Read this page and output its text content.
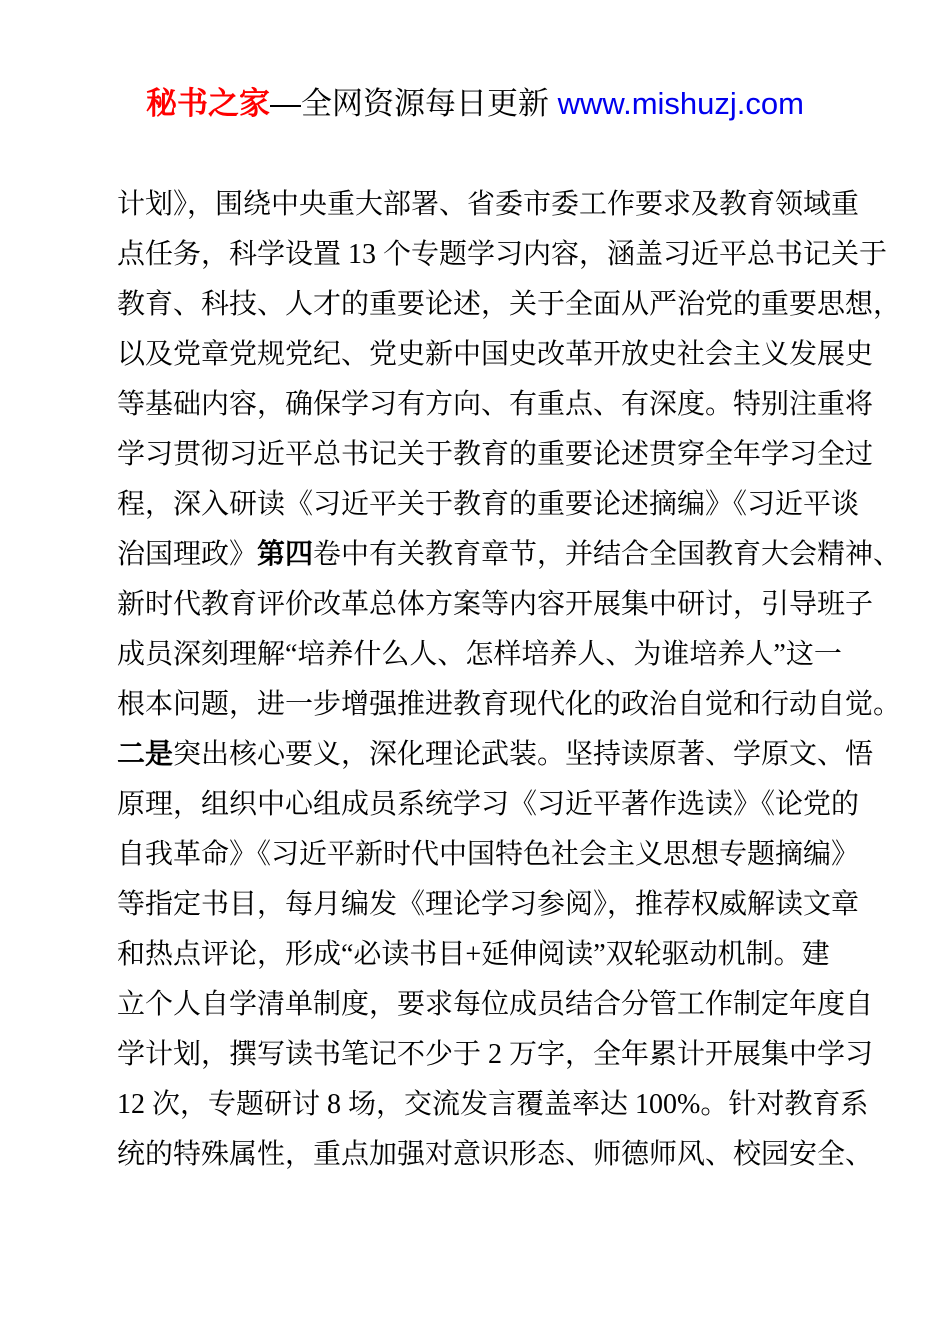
秘书之家—全网资源每日更新 www.mishuzj.com
计划》，围绕中央重大部署、省委市委工作要求及教育领域重
点任务，科学设置 13 个专题学习内容，涵盖习近平总书记关于
教育、科技、人才的重要论述，关于全面从严治党的重要思想，
以及党章党规党纪、党史新中国史改革开放史社会主义发展史
等基础内容，确保学习有方向、有重点、有深度。特别注重将
学习贯彻习近平总书记关于教育的重要论述贯穿全年学习全过
程，深入研读《习近平关于教育的重要论述摘编》《习近平谈
治国理政》第四卷中有关教育章节，并结合全国教育大会精神、
新时代教育评价改革总体方案等内容开展集中研讨，引导班子
成员深刻理解“培养什么人、怎样培养人、为谁培养人”这一
根本问题，进一步增强推进教育现代化的政治自觉和行动自觉。
二是突出核心要义，深化理论武装。坚持读原著、学原文、悟
原理，组织中心组成员系统学习《习近平著作选读》《论党的
自我革命》《习近平新时代中国特色社会主义思想专题摘编》
等指定书目，每月编发《理论学习参阅》，推荐权威解读文章
和热点评论，形成“必读书目+延伸阅读”双轮驱动机制。建
立个人自学清单制度，要求每位成员结合分管工作制定年度自
学计划，撰写读书笔记不少于 2 万字，全年累计开展集中学习
12 次，专题研讨 8 场，交流发言覆盖率达 100%。针对教育系
统的特殊属性，重点加强对意识形态、师德师风、校园安全、
